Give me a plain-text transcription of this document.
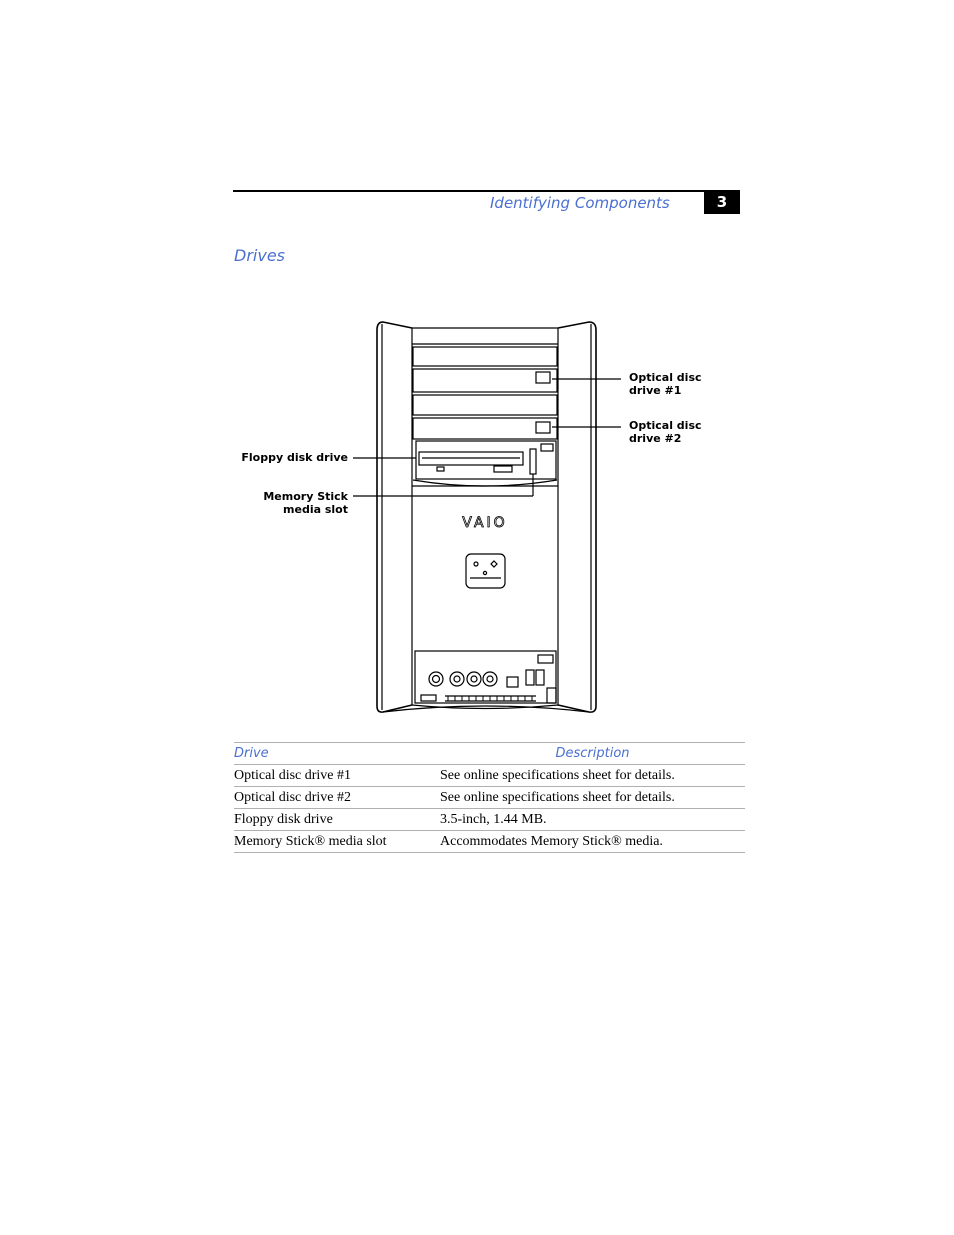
Identifying Components	3
Drives
VAIO
Optical disc
drive #1
Optical disc
drive #2
Floppy disk drive
Memory Stick
media slot
Drive	Description
Optical disc drive #1	See online specifications sheet for details.
Optical disc drive #2	See online specifications sheet for details.
Floppy disk drive	3.5-inch, 1.44 MB.
Memory Stick® media slot	Accommodates Memory Stick® media.
